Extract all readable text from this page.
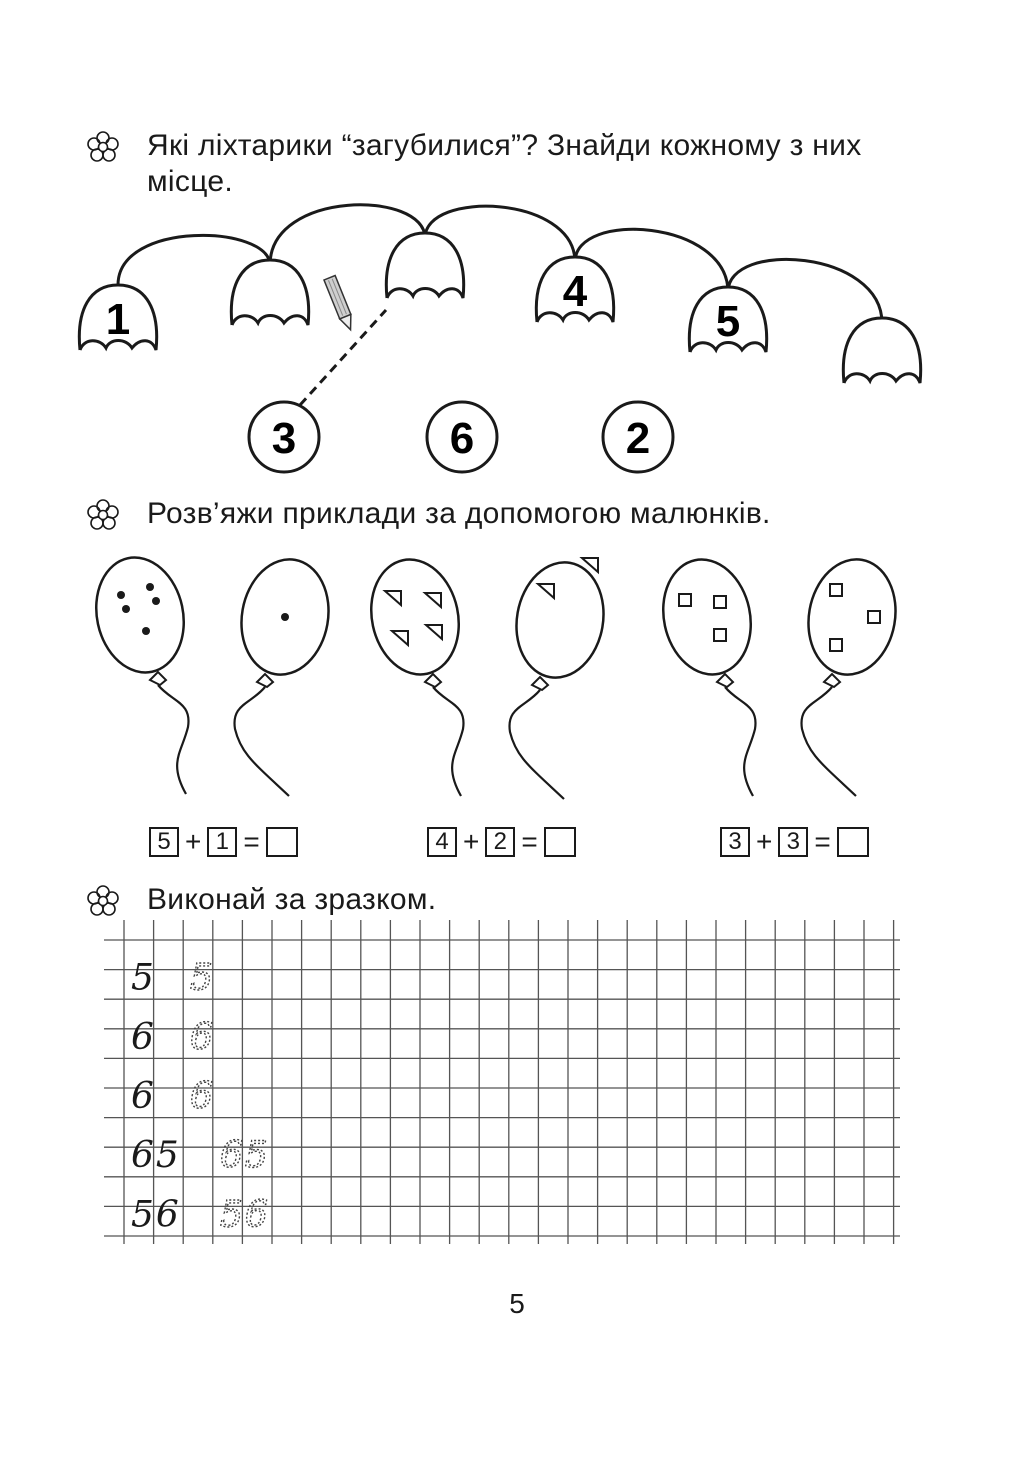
Які ліхтарики “загубилися”? Знайди кожному з них місце.
Розв’яжи приклади за допомогою малюнків.
Виконай за зразком.
1
4
5
3	6	2
5 + 1 =	4 + 2 =	3 + 3 =
5 5
6 6
6 6
65 65
56 56
5
